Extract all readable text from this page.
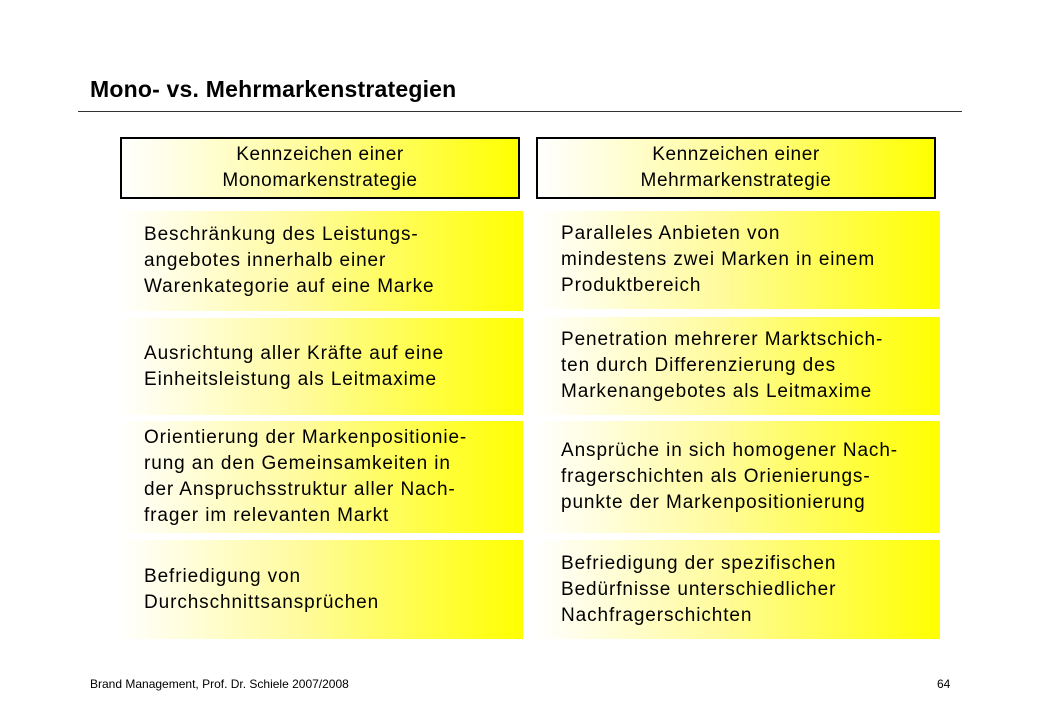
Mono- vs. Mehrmarkenstrategien
Kennzeichen einer
Monomarkenstrategie
Beschränkung des Leistungs-
angebotes innerhalb einer
Warenkategorie auf eine Marke
Ausrichtung aller Kräfte auf eine
Einheitsleistung als Leitmaxime
Orientierung der Markenpositionie-
rung an den Gemeinsamkeiten in
der Anspruchsstruktur aller Nach-
frager im relevanten Markt
Befriedigung von
Durchschnittsansprüchen
Kennzeichen einer
Mehrmarkenstrategie
Paralleles Anbieten von
mindestens zwei Marken in einem
Produktbereich
Penetration mehrerer Marktschich-
ten durch Differenzierung des
Markenangebotes als Leitmaxime
Ansprüche in sich homogener Nach-
fragerschichten als Orienierungs-
punkte der Markenpositionierung
Befriedigung der spezifischen
Bedürfnisse unterschiedlicher
Nachfragerschichten
Brand Management, Prof. Dr. Schiele 2007/2008	64
